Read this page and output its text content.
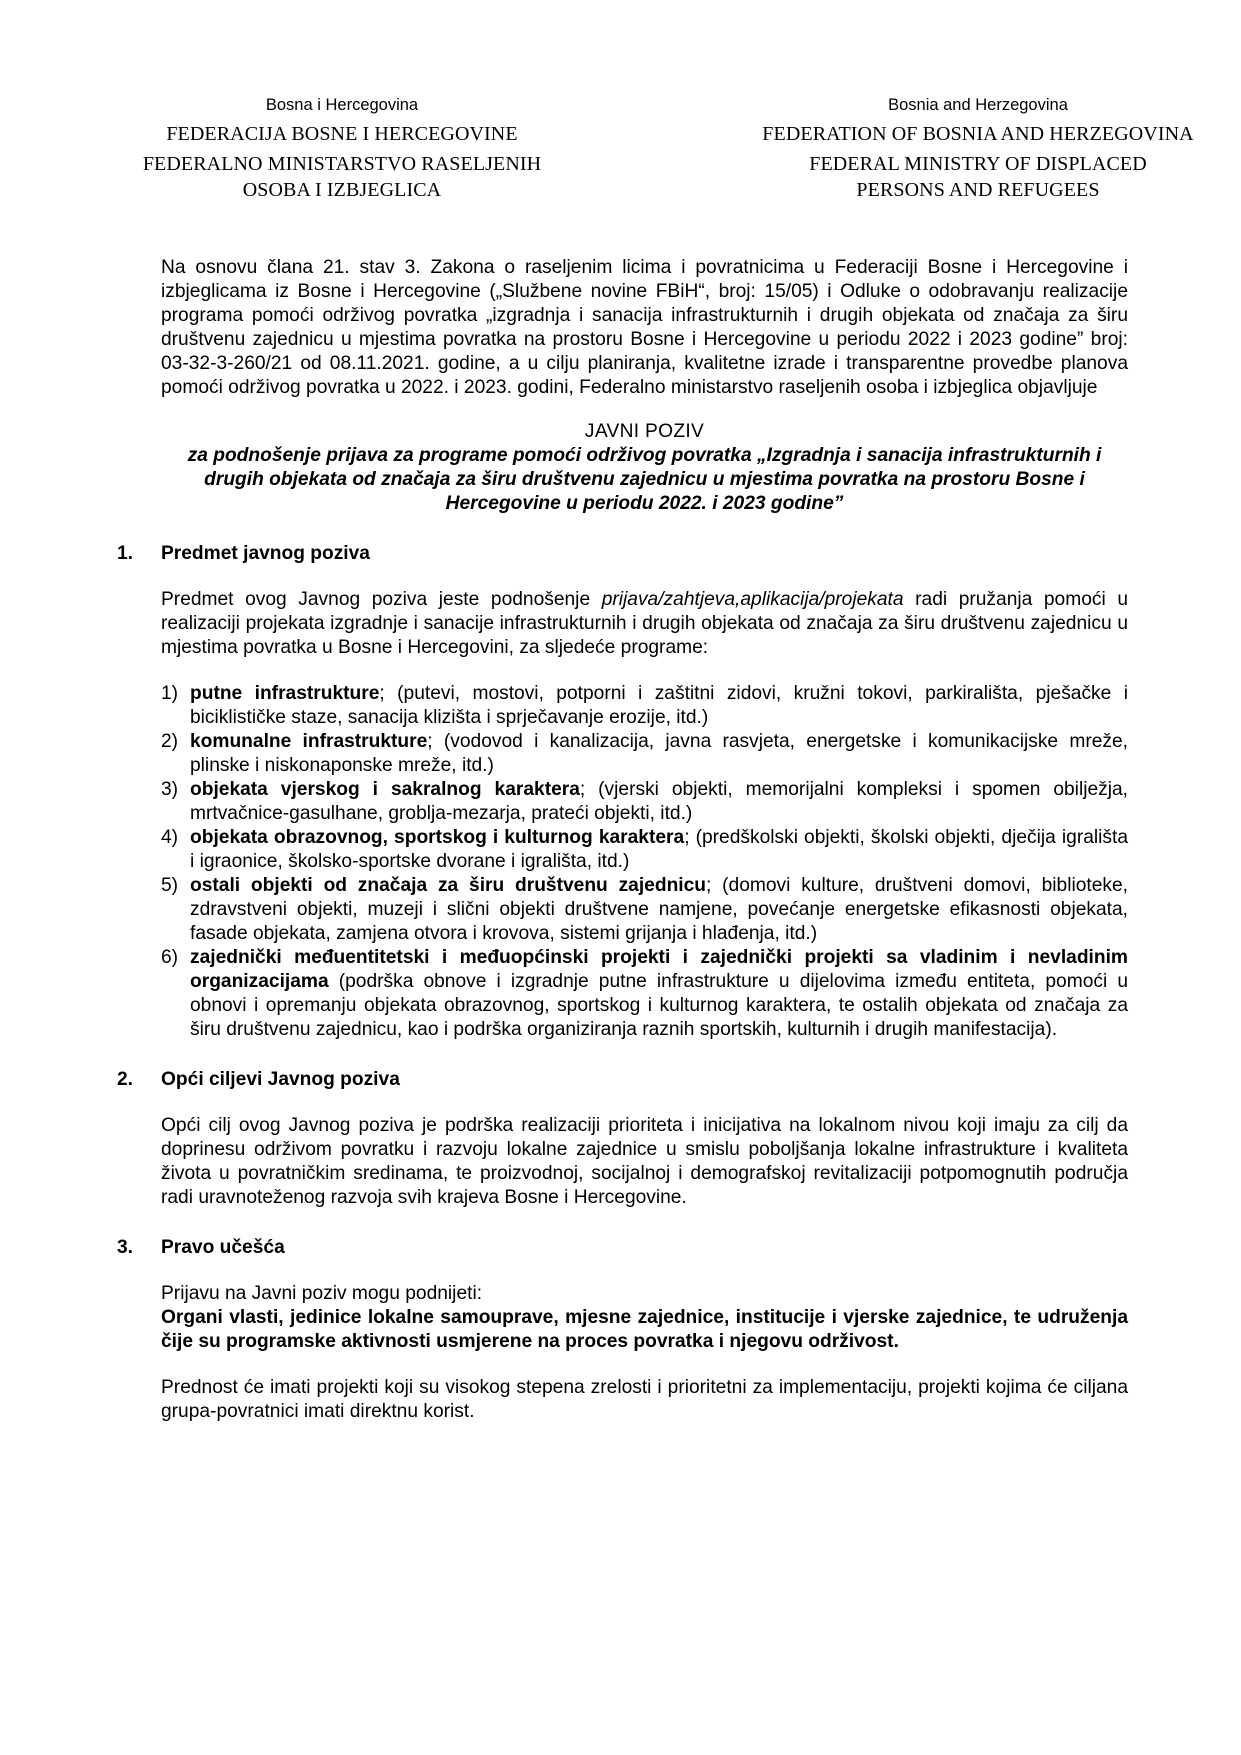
Bosna i Hercegovina
FEDERACIJA BOSNE I HERCEGOVINE
FEDERALNO MINISTARSTVO RASELJENIH
OSOBA I IZBJEGLICA
Bosnia and Herzegovina
FEDERATION OF BOSNIA AND HERZEGOVINA
FEDERAL MINISTRY OF DISPLACED
PERSONS AND REFUGEES

Na osnovu člana 21. stav 3. Zakona o raseljenim licima i povratnicima u Federaciji Bosne i Hercegovine i izbjeglicama iz Bosne i Hercegovine („Službene novine FBiH“, broj: 15/05) i Odluke o odobravanju realizacije programa pomoći održivog povratka „izgradnja i sanacija infrastrukturnih i drugih objekata od značaja za širu društvenu zajednicu u mjestima povratka na prostoru Bosne i Hercegovine u periodu 2022 i 2023 godine” broj: 03-32-3-260/21 od 08.11.2021. godine, a u cilju planiranja, kvalitetne izrade i transparentne provedbe planova pomoći održivog povratka u 2022. i 2023. godini, Federalno ministarstvo raseljenih osoba i izbjeglica objavljuje

JAVNI POZIV
za podnošenje prijava za programe pomoći održivog povratka „Izgradnja i sanacija infrastrukturnih i drugih objekata od značaja za širu društvenu zajednicu u mjestima povratka na prostoru Bosne i Hercegovine u periodu 2022. i 2023 godine”
1. Predmet javnog poziva

Predmet ovog Javnog poziva jeste podnošenje prijava/zahtjeva,aplikacija/projekata radi pružanja pomoći u realizaciji projekata izgradnje i sanacije infrastrukturnih i drugih objekata od značaja za širu društvenu zajednicu u mjestima povratka u Bosne i Hercegovini, za sljedeće programe:

1) putne infrastrukture; (putevi, mostovi, potporni i zaštitni zidovi, kružni tokovi, parkirališta, pješačke i biciklističke staze, sanacija klizišta i sprječavanje erozije, itd.)
2) komunalne infrastrukture; (vodovod i kanalizacija, javna rasvjeta, energetske i komunikacijske mreže, plinske i niskonaponske mreže, itd.)
3) objekata vjerskog i sakralnog karaktera; (vjerski objekti, memorijalni kompleksi i spomen obilježja, mrtvačnice-gasulhane, groblja-mezarja, prateći objekti, itd.)
4) objekata obrazovnog, sportskog i kulturnog karaktera; (predškolski objekti, školski objekti, dječija igrališta i igraonice, školsko-sportske dvorane i igrališta, itd.)
5) ostali objekti od značaja za širu društvenu zajednicu; (domovi kulture, društveni domovi, biblioteke, zdravstveni objekti, muzeji i slični objekti društvene namjene, povećanje energetske efikasnosti objekata, fasade objekata, zamjena otvora i krovova, sistemi grijanja i hlađenja, itd.)
6) zajednički međuentitetski i međuopćinski projekti i zajednički projekti sa vladinim i nevladinim organizacijama (podrška obnove i izgradnje putne infrastrukture u dijelovima između entiteta, pomoći u obnovi i opremanju objekata obrazovnog, sportskog i kulturnog karaktera, te ostalih objekata od značaja za širu društvenu zajednicu, kao i podrška organiziranja raznih sportskih, kulturnih i drugih manifestacija).
2. Opći ciljevi Javnog poziva

Opći cilj ovog Javnog poziva je podrška realizaciji prioriteta i inicijativa na lokalnom nivou koji imaju za cilj da doprinesu održivom povratku i razvoju lokalne zajednice u smislu poboljšanja lokalne infrastrukture i kvaliteta života u povratničkim sredinama, te proizvodnoj, socijalnoj i demografskoj revitalizaciji potpomognutih područja radi uravnoteženog razvoja svih krajeva Bosne i Hercegovine.

3. Pravo učešća

Prijavu na Javni poziv mogu podnijeti:

Organi vlasti, jedinice lokalne samouprave, mjesne zajednice, institucije i vjerske zajednice, te udruženja čije su programske aktivnosti usmjerene na proces povratka i njegovu održivost.

Prednost će imati projekti koji su visokog stepena zrelosti i prioritetni za implementaciju, projekti kojima će ciljana grupa-povratnici imati direktnu korist.
